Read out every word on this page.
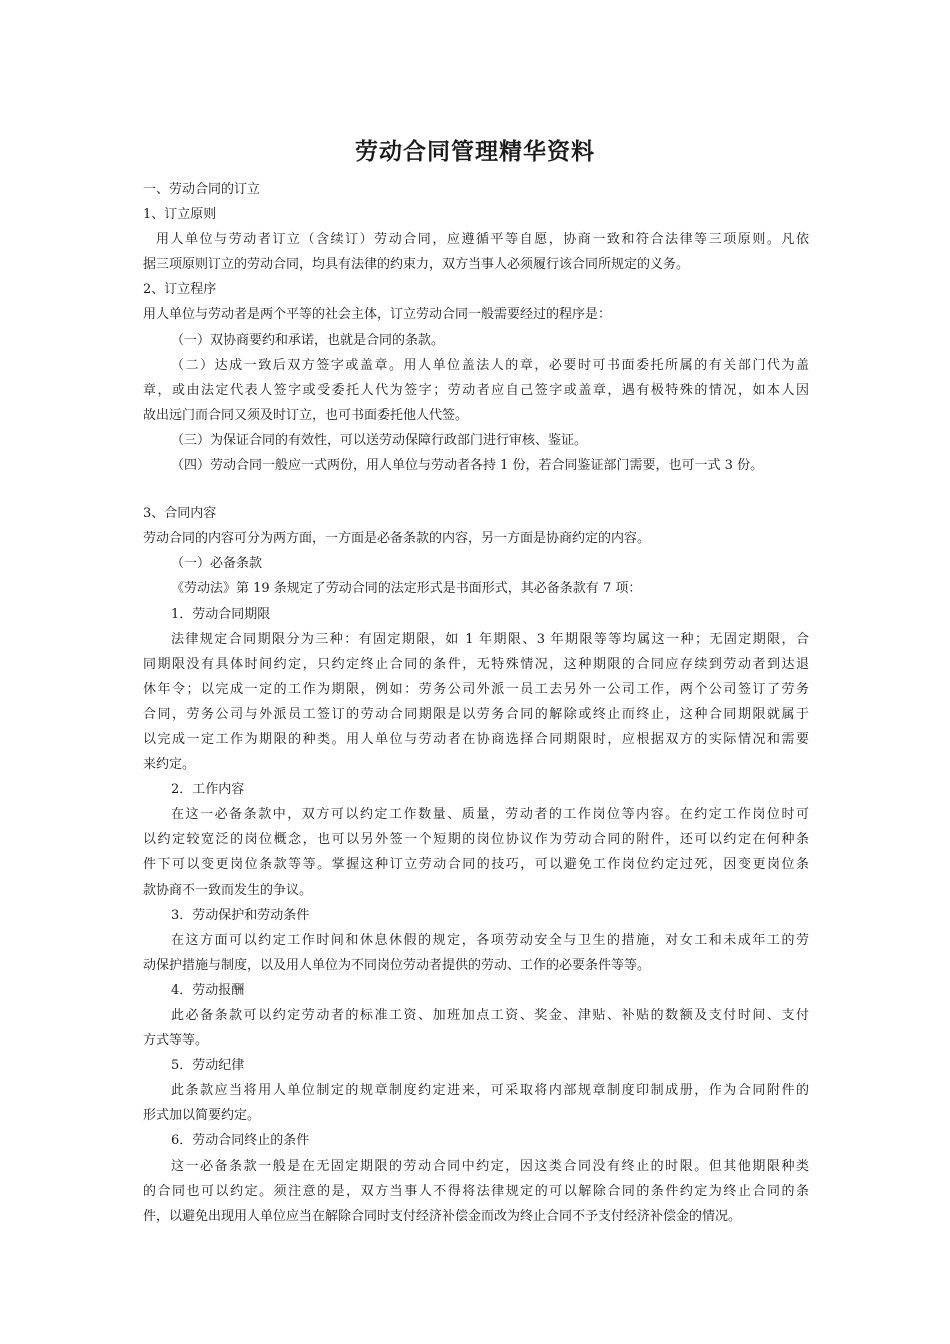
劳动合同管理精华资料
一、劳动合同的订立
1、订立原则
用人单位与劳动者订立（含续订）劳动合同，应遵循平等自愿，协商一致和符合法律等三项原则。凡依
据三项原则订立的劳动合同，均具有法律的约束力，双方当事人必须履行该合同所规定的义务。
2、订立程序
用人单位与劳动者是两个平等的社会主体，订立劳动合同一般需要经过的程序是：
（一）双协商要约和承诺，也就是合同的条款。
（二）达成一致后双方签字或盖章。用人单位盖法人的章，必要时可书面委托所属的有关部门代为盖
章，或由法定代表人签字或受委托人代为签字；劳动者应自己签字或盖章，遇有极特殊的情况，如本人因
故出远门而合同又须及时订立，也可书面委托他人代签。
（三）为保证合同的有效性，可以送劳动保障行政部门进行审核、鉴证。
（四）劳动合同一般应一式两份，用人单位与劳动者各持 1 份，若合同鉴证部门需要，也可一式 3 份。
3、合同内容
劳动合同的内容可分为两方面，一方面是必备条款的内容，另一方面是协商约定的内容。
（一）必备条款
《劳动法》第 19 条规定了劳动合同的法定形式是书面形式，其必备条款有 7 项：
1．劳动合同期限
法律规定合同期限分为三种：有固定期限，如 1 年期限、3 年期限等等均属这一种；无固定期限，合
同期限没有具体时间约定，只约定终止合同的条件，无特殊情况，这种期限的合同应存续到劳动者到达退
休年令；以完成一定的工作为期限，例如：劳务公司外派一员工去另外一公司工作，两个公司签订了劳务
合同，劳务公司与外派员工签订的劳动合同期限是以劳务合同的解除或终止而终止，这种合同期限就属于
以完成一定工作为期限的种类。用人单位与劳动者在协商选择合同期限时，应根据双方的实际情况和需要
来约定。
2．工作内容
在这一必备条款中，双方可以约定工作数量、质量，劳动者的工作岗位等内容。在约定工作岗位时可
以约定较宽泛的岗位概念，也可以另外签一个短期的岗位协议作为劳动合同的附件，还可以约定在何种条
件下可以变更岗位条款等等。掌握这种订立劳动合同的技巧，可以避免工作岗位约定过死，因变更岗位条
款协商不一致而发生的争议。
3．劳动保护和劳动条件
在这方面可以约定工作时间和休息休假的规定，各项劳动安全与卫生的措施，对女工和未成年工的劳
动保护措施与制度，以及用人单位为不同岗位劳动者提供的劳动、工作的必要条件等等。
4．劳动报酬
此必备条款可以约定劳动者的标准工资、加班加点工资、奖金、津贴、补贴的数额及支付时间、支付
方式等等。
5．劳动纪律
此条款应当将用人单位制定的规章制度约定进来，可采取将内部规章制度印制成册，作为合同附件的
形式加以简要约定。
6．劳动合同终止的条件
这一必备条款一般是在无固定期限的劳动合同中约定，因这类合同没有终止的时限。但其他期限种类
的合同也可以约定。须注意的是，双方当事人不得将法律规定的可以解除合同的条件约定为终止合同的条
件，以避免出现用人单位应当在解除合同时支付经济补偿金而改为终止合同不予支付经济补偿金的情况。
